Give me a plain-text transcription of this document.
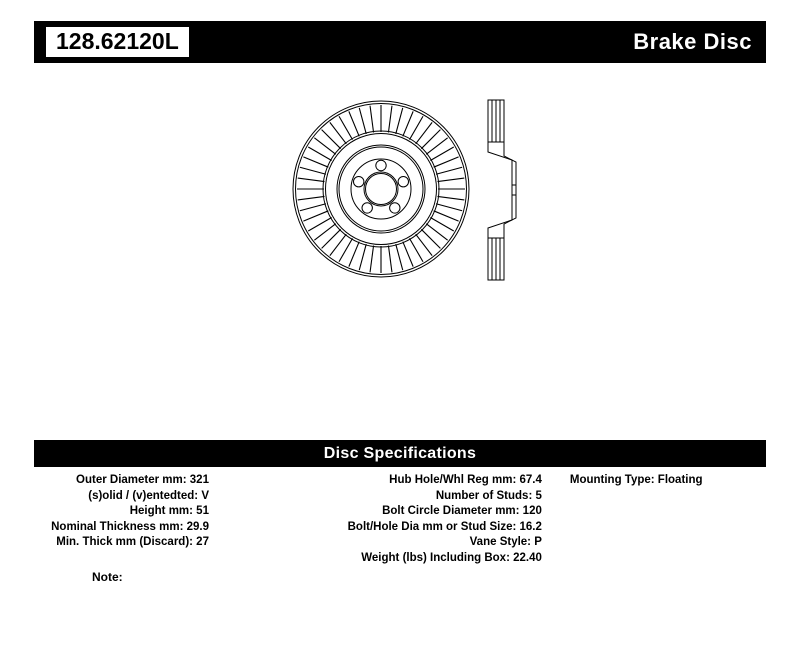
128.62120L	Brake Disc
Disc Specifications
Outer Diameter mm: 321
(s)olid / (v)entedted: V
Height mm: 51
Nominal Thickness mm: 29.9
Min. Thick mm (Discard): 27
Hub Hole/Whl Reg mm: 67.4
Number of Studs: 5
Bolt Circle Diameter mm: 120
Bolt/Hole Dia mm or Stud Size: 16.2
Vane Style: P
Weight (lbs) Including Box: 22.40
Mounting Type: Floating
Note:
